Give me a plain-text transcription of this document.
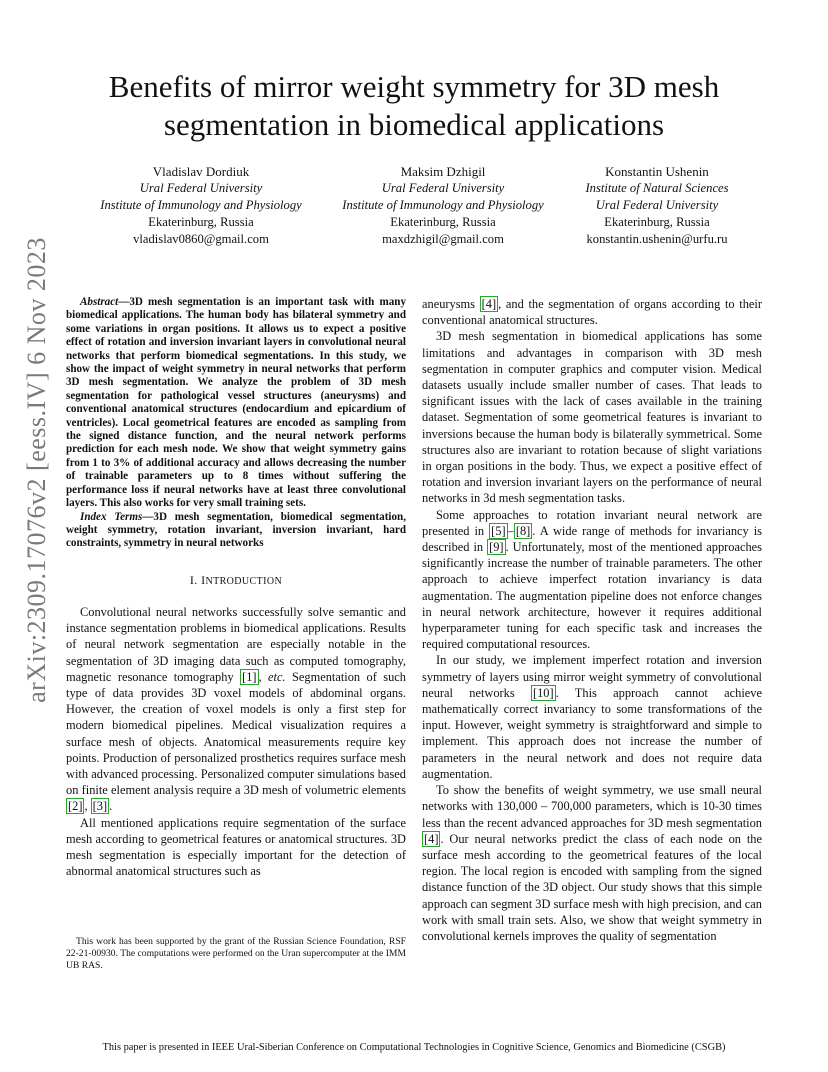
arXiv:2309.17076v2 [eess.IV] 6 Nov 2023
Benefits of mirror weight symmetry for 3D mesh segmentation in biomedical applications
Vladislav Dordiuk
Ural Federal University
Institute of Immunology and Physiology
Ekaterinburg, Russia
vladislav0860@gmail.com
Maksim Dzhigil
Ural Federal University
Institute of Immunology and Physiology
Ekaterinburg, Russia
maxdzhigil@gmail.com
Konstantin Ushenin
Institute of Natural Sciences
Ural Federal University
Ekaterinburg, Russia
konstantin.ushenin@urfu.ru

Abstract—3D mesh segmentation is an important task with many biomedical applications. The human body has bilateral symmetry and some variations in organ positions. It allows us to expect a positive effect of rotation and inversion invariant layers in convolutional neural networks that perform biomedical segmentations. In this study, we show the impact of weight symmetry in neural networks that perform 3D mesh segmentation. We analyze the problem of 3D mesh segmentation for pathological vessel structures (aneurysms) and conventional anatomical structures (endocardium and epicardium of ventricles). Local geometrical features are encoded as sampling from the signed distance function, and the neural network performs prediction for each mesh node. We show that weight symmetry gains from 1 to 3% of additional accuracy and allows decreasing the number of trainable parameters up to 8 times without suffering the performance loss if neural networks have at least three convolutional layers. This also works for very small training sets.

Index Terms—3D mesh segmentation, biomedical segmentation, weight symmetry, rotation invariant, inversion invariant, hard constraints, symmetry in neural networks

I. INTRODUCTION

Convolutional neural networks successfully solve semantic and instance segmentation problems in biomedical applications. Results of neural network segmentation are especially notable in the segmentation of 3D imaging data such as computed tomography, magnetic resonance tomography [1] , etc. Segmentation of such type of data provides 3D voxel models of abdominal organs. However, the creation of voxel models is only a first step for modern biomedical pipelines. Medical visualization requires a surface mesh of objects. Anatomical measurements require key points. Production of personalized prosthetics requires surface mesh with advanced processing. Personalized computer simulations based on finite element analysis require a 3D mesh of volumetric elements [2] , [3] .

All mentioned applications require segmentation of the surface mesh according to geometrical features or anatomical structures. 3D mesh segmentation is especially important for the detection of abnormal anatomical structures such as

This work has been supported by the grant of the Russian Science Foundation, RSF 22-21-00930. The computations were performed on the Uran supercomputer at the IMM UB RAS.

aneurysms [4] , and the segmentation of organs according to their conventional anatomical structures.

3D mesh segmentation in biomedical applications has some limitations and advantages in comparison with 3D mesh segmentation in computer graphics and computer vision. Medical datasets usually include smaller number of cases. That leads to significant issues with the lack of cases available in the training dataset. Segmentation of some geometrical features is invariant to inversions because the human body is bilaterally symmetrical. Some structures also are invariant to rotation because of slight variations in organ positions in the body. Thus, we expect a positive effect of rotation and inversion invariant layers on the performance of neural networks in 3d mesh segmentation tasks.

Some approaches to rotation invariant neural network are presented in [5] – [8] . A wide range of methods for invariancy is described in [9] . Unfortunately, most of the mentioned approaches significantly increase the number of trainable parameters. The other approach to achieve imperfect rotation invariancy is data augmentation. The augmentation pipeline does not enforce changes in neural network architecture, however it requires additional hyperparameter tuning for each specific task and increases the required computational resources.

In our study, we implement imperfect rotation and inversion symmetry of layers using mirror weight symmetry of convolutional neural networks [10] . This approach cannot achieve mathematically correct invariancy to some transformations of the input. However, weight symmetry is straightforward and simple to implement. This approach does not increase the number of parameters in the neural network and does not require data augmentation.

To show the benefits of weight symmetry, we use small neural networks with 130,000 – 700,000 parameters, which is 10-30 times less than the recent advanced approaches for 3D mesh segmentation [4] . Our neural networks predict the class of each node on the surface mesh according to the geometrical features of the local region. The local region is encoded with sampling from the signed distance function of the 3D object. Our study shows that this simple approach can segment 3D surface mesh with high precision, and can work with small train sets. Also, we show that weight symmetry in convolutional kernels improves the quality of segmentation

This paper is presented in IEEE Ural-Siberian Conference on Computational Technologies in Cognitive Science, Genomics and Biomedicine (CSGB)
